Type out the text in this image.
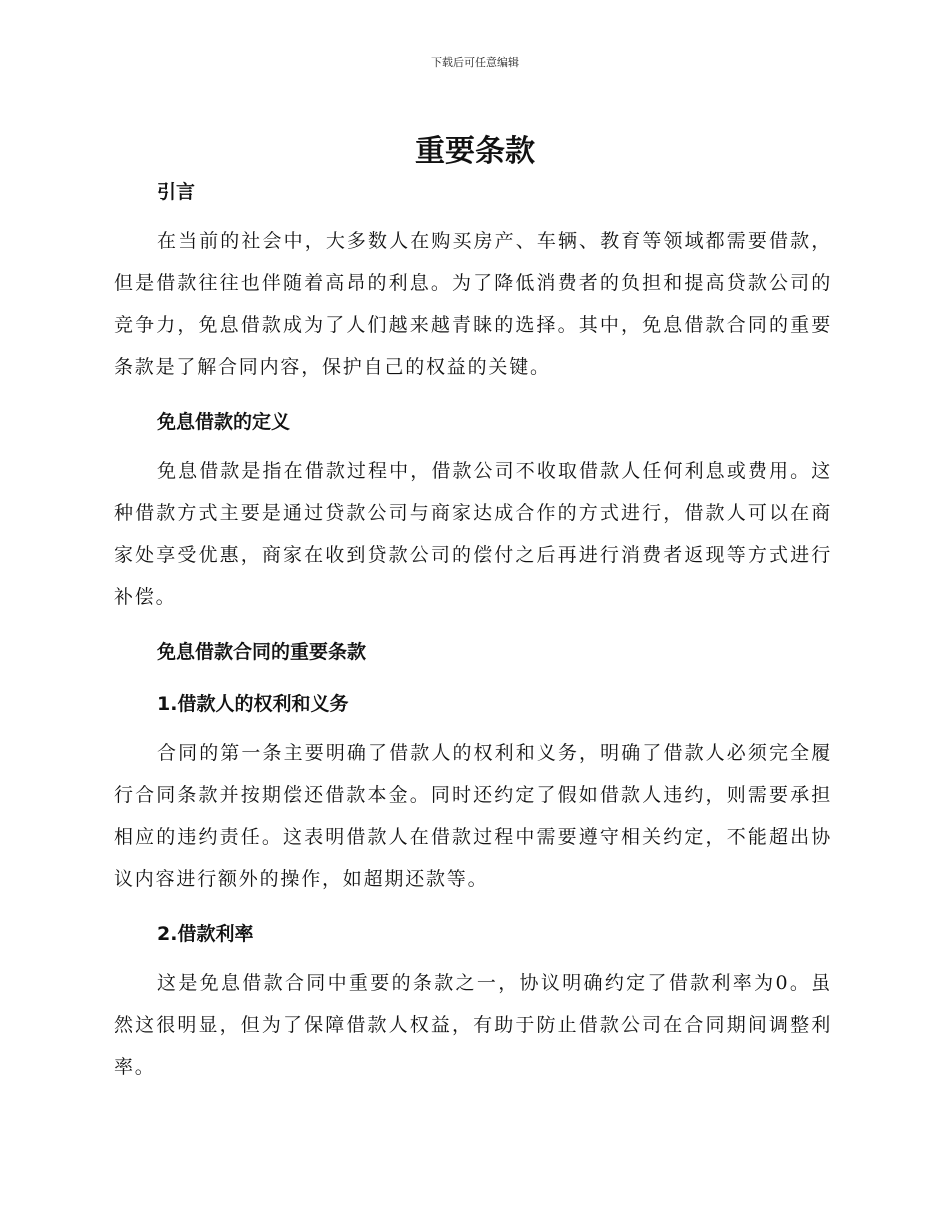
下载后可任意编辑
重要条款
引言

在当前的社会中，大多数人在购买房产、车辆、教育等领域都需要借款，但是借款往往也伴随着高昂的利息。为了降低消费者的负担和提高贷款公司的竞争力，免息借款成为了人们越来越青睐的选择。其中，免息借款合同的重要条款是了解合同内容，保护自己的权益的关键。

免息借款的定义

免息借款是指在借款过程中，借款公司不收取借款人任何利息或费用。这种借款方式主要是通过贷款公司与商家达成合作的方式进行，借款人可以在商家处享受优惠，商家在收到贷款公司的偿付之后再进行消费者返现等方式进行补偿。

免息借款合同的重要条款
1.借款人的权利和义务

合同的第一条主要明确了借款人的权利和义务，明确了借款人必须完全履行合同条款并按期偿还借款本金。同时还约定了假如借款人违约，则需要承担相应的违约责任。这表明借款人在借款过程中需要遵守相关约定，不能超出协议内容进行额外的操作，如超期还款等。

2.借款利率

这是免息借款合同中重要的条款之一，协议明确约定了借款利率为0。虽然这很明显，但为了保障借款人权益，有助于防止借款公司在合同期间调整利率。
